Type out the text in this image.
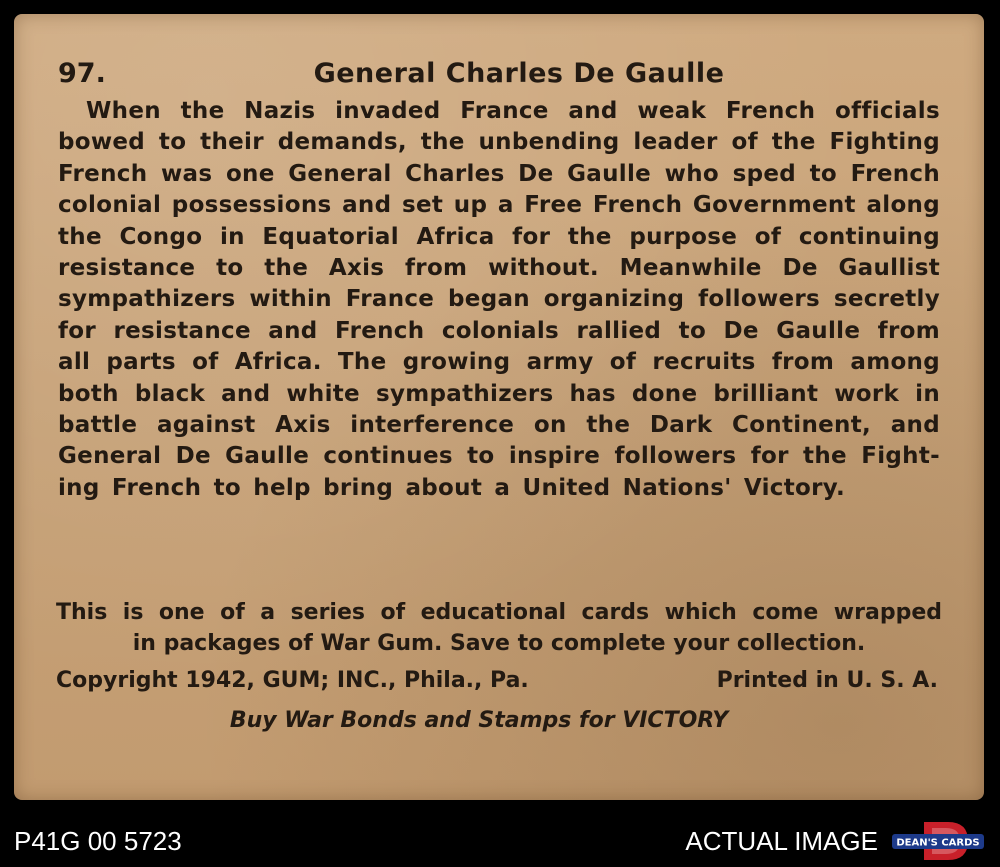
97.	General Charles De Gaulle
When the Nazis invaded France and weak French officials
bowed to their demands, the unbending leader of the Fighting
French was one General Charles De Gaulle who sped to French
colonial possessions and set up a Free French Government along
the Congo in Equatorial Africa for the purpose of continuing
resistance to the Axis from without. Meanwhile De Gaullist
sympathizers within France began organizing followers secretly
for resistance and French colonials rallied to De Gaulle from
all parts of Africa. The growing army of recruits from among
both black and white sympathizers has done brilliant work in
battle against Axis interference on the Dark Continent, and
General De Gaulle continues to inspire followers for the Fight-
ing French to help bring about a United Nations' Victory.
This is one of a series of educational cards which come wrapped
in packages of War Gum. Save to complete your collection.
Copyright 1942, GUM; INC., Phila., Pa.	Printed in U. S. A.
Buy War Bonds and Stamps for VICTORY
P41G 00 5723	ACTUAL IMAGE DEAN'S CARDS
